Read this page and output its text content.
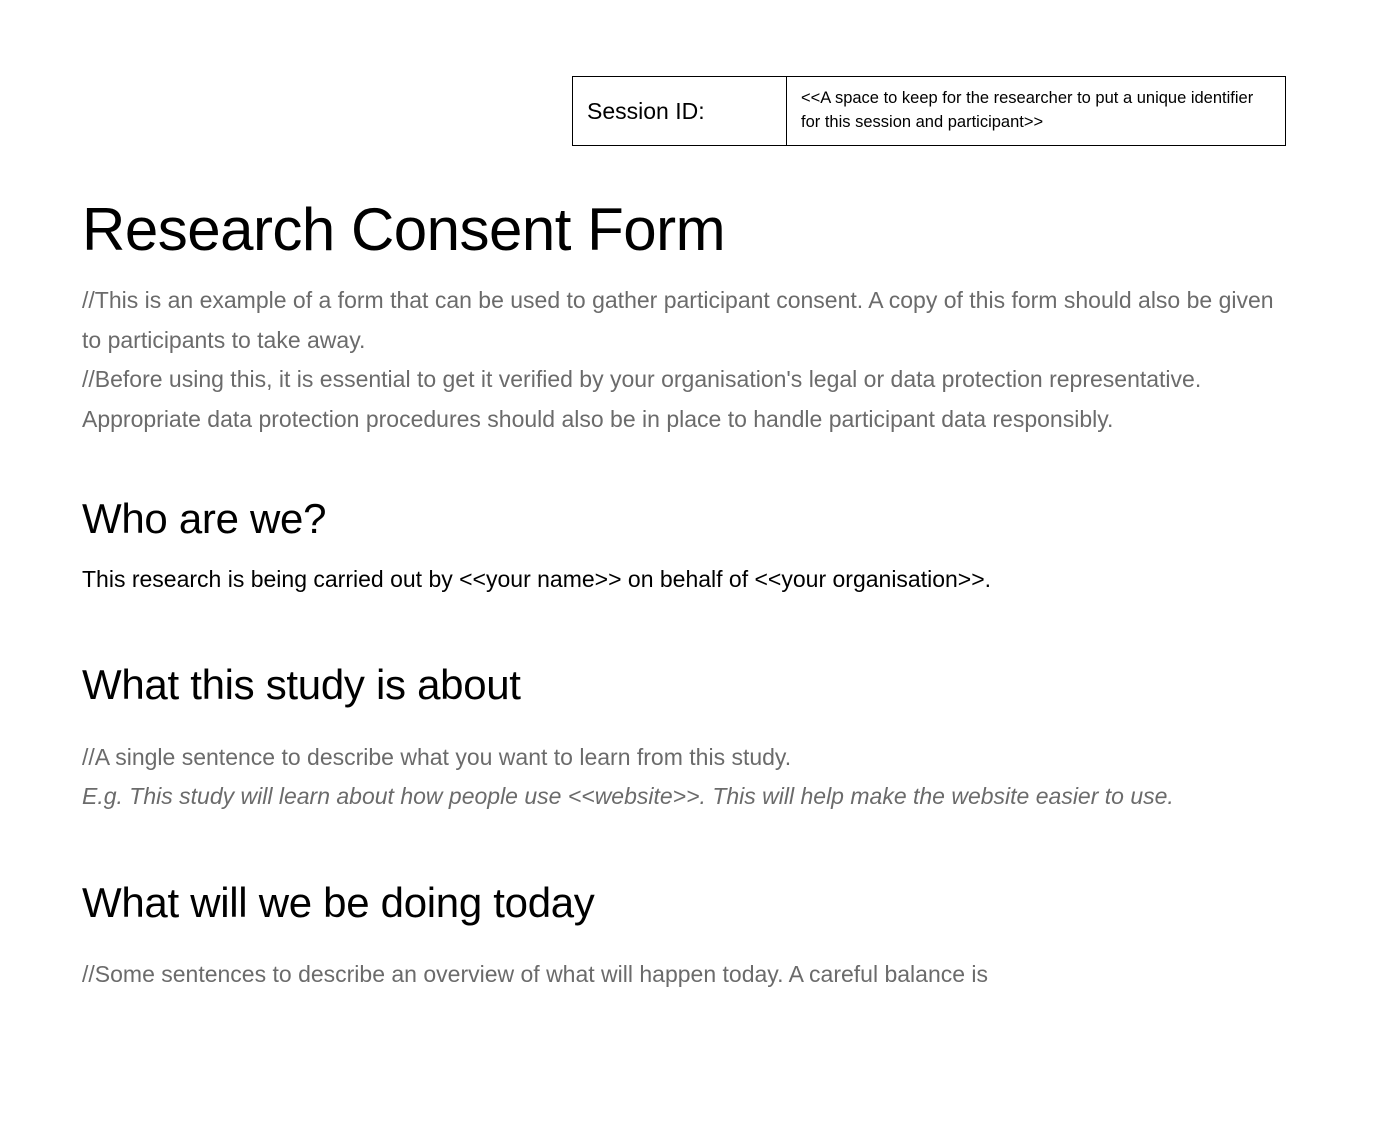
Session ID:	<<A space to keep for the researcher to put a unique identifier for this session and participant>>
Research Consent Form

//This is an example of a form that can be used to gather participant consent. A copy of this form should also be given to participants to take away.

//Before using this, it is essential to get it verified by your organisation's legal or data protection representative. Appropriate data protection procedures should also be in place to handle participant data responsibly.

Who are we?

This research is being carried out by <<your name>> on behalf of <<your organisation>>.

What this study is about

//A single sentence to describe what you want to learn from this study.

E.g. This study will learn about how people use <<website>>. This will help make the website easier to use.

What will we be doing today

//Some sentences to describe an overview of what will happen today. A careful balance is
